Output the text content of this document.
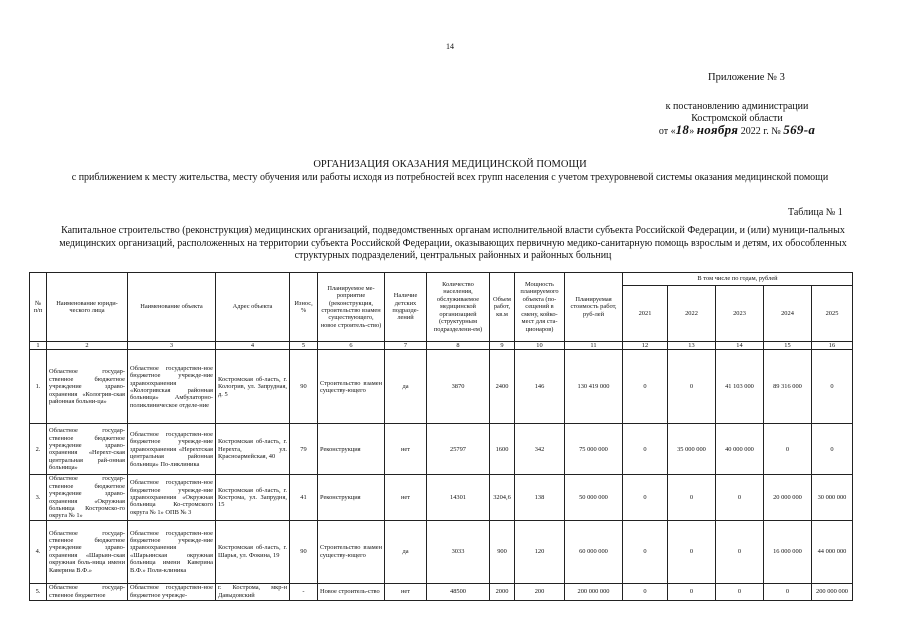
14
Приложение № 3
к постановлению администрации
Костромской области
от «18» ноября 2022 г. № 569-а
ОРГАНИЗАЦИЯ ОКАЗАНИЯ МЕДИЦИНСКОЙ ПОМОЩИ
с приближением к месту жительства, месту обучения или работы исходя из потребностей всех групп населения с учетом трехуровневой системы оказания медицинской помощи
Таблица № 1
Капитальное строительство (реконструкция) медицинских организаций, подведомственных органам исполнительной власти субъекта Российской Федерации, и (или) муници-пальных медицинских организаций, расположенных на территории субъекта Российской Федерации, оказывающих первичную медико-санитарную помощь взрослым и детям, их обособленных структурных подразделений, центральных районных и районных больниц
№ п/п	Наименование юриди-ческого лица	Наименование объекта	Адрес объекта	Износ, %	Планируемое ме-роприятие (реконструкция, строительство взамен существующего, новое строитель-ство)	Наличие детских подразде-лений	Количество населения, обслуживаемое медицинской организацией (структурным подразделени-ем)	Объем работ, кв.м	Мощность планируемого объекта (по-сещений в смену, койко-мест для ста-ционаров)	Планируемая стоимость работ, руб-лей	В том числе по годам, рублей				
											2021	2022	2023	2024	2025
1	2	3	4	5	6	7	8	9	10	11	12	13	14	15	16
1.	Областное государ-ственное бюджетное учреждение здраво-охранения «Кологрив-ская районная больни-ца»	Областное государствен-ное бюджетное учрежде-ние здравоохранения «Кологривская районная больница» Амбулаторно-поликлиническое отделе-ние	Костромская об-ласть, г. Кологрив, ул. Запрудная, д. 5	90	Строительство взамен существу-ющего	да	3870	2400	146	130 419 000	0	0	41 103 000	89 316 000	0
2.	Областное государ-ственное бюджетное учреждение здраво-охранения «Нерехт-ская центральная рай-онная больница»	Областное государствен-ное бюджетное учрежде-ние здравоохранения «Нерехтская центральная районная больница» По-ликлиника	Костромская об-ласть, г. Нерехта, ул. Красноармейская, 40	79	Реконструкция	нет	25797	1600	342	75 000 000	0	35 000 000	40 000 000	0	0
3.	Областное государ-ственное бюджетное учреждение здраво-охранения «Окружная больница Костромско-го округа № 1»	Областное государствен-ное бюджетное учрежде-ние здравоохранения «Окружная больница Ко-стромского округа № 1» ОПВ № 3	Костромская об-ласть, г. Кострома, ул. Запрудня, 15	41	Реконструкция	нет	14301	3204,6	138	50 000 000	0	0	0	20 000 000	30 000 000
4.	Областное государ-ственное бюджетное учреждение здраво-охранения «Шарьин-ская окружная боль-ница имени Каверина В.Ф.»	Областное государствен-ное бюджетное учрежде-ние здравоохранения «Шарьинская окружная больница имени Каверина В.Ф.» Поли-клиника	Костромская об-ласть, г. Шарья, ул. Фокина, 19	90	Строительство взамен существу-ющего	да	3033	900	120	60 000 000	0	0	0	16 000 000	44 000 000
5.	Областное государ-ственное бюджетное	Областное государствен-ное бюджетное учрежде-	г. Кострома, мкр-н Давыдовский	-	Новое строитель-ство	нет	48500	2000	200	200 000 000	0	0	0	0	200 000 000
